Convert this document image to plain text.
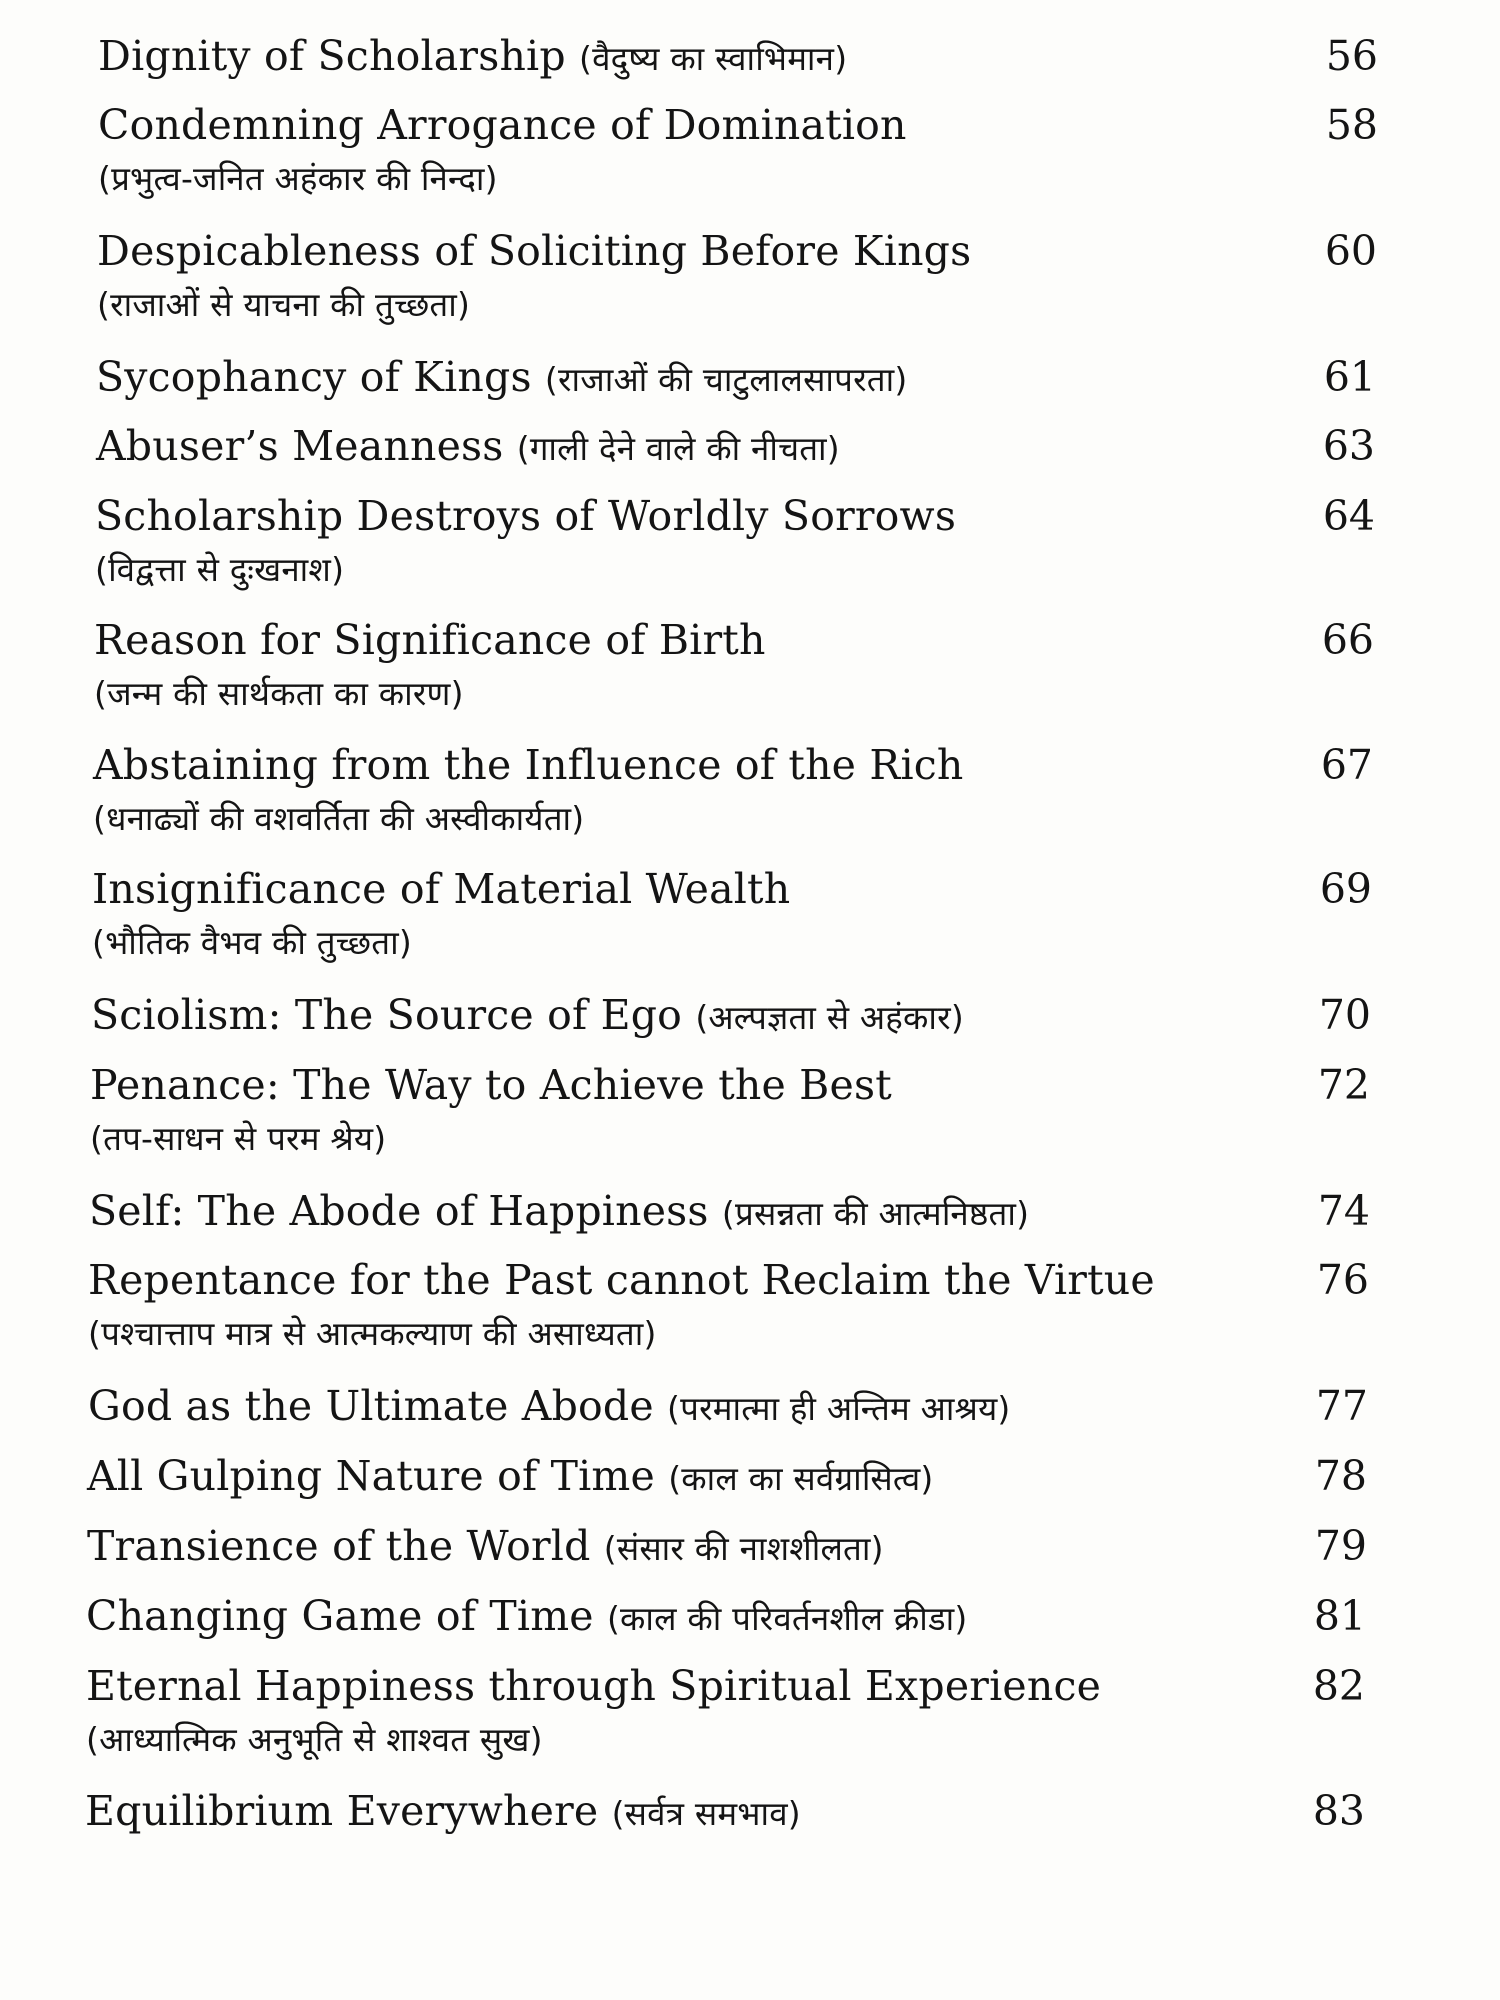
Dignity of Scholarship (वैदुष्य का स्वाभिमान)	56
Condemning Arrogance of Domination	58
(प्रभुत्व-जनित अहंकार की निन्दा)
Despicableness of Soliciting Before Kings	60
(राजाओं से याचना की तुच्छता)
Sycophancy of Kings (राजाओं की चाटुलालसापरता)	61
Abuser’s Meanness (गाली देने वाले की नीचता)	63
Scholarship Destroys of Worldly Sorrows	64
(विद्वत्ता से दुःखनाश)
Reason for Significance of Birth	66
(जन्म की सार्थकता का कारण)
Abstaining from the Influence of the Rich	67
(धनाढ्यों की वशवर्तिता की अस्वीकार्यता)
Insignificance of Material Wealth	69
(भौतिक वैभव की तुच्छता)
Sciolism: The Source of Ego (अल्पज्ञता से अहंकार)	70
Penance: The Way to Achieve the Best	72
(तप-साधन से परम श्रेय)
Self: The Abode of Happiness (प्रसन्नता की आत्मनिष्ठता)	74
Repentance for the Past cannot Reclaim the Virtue	76
(पश्चात्ताप मात्र से आत्मकल्याण की असाध्यता)
God as the Ultimate Abode (परमात्मा ही अन्तिम आश्रय)	77
All Gulping Nature of Time (काल का सर्वग्रासित्व)	78
Transience of the World (संसार की नाशशीलता)	79
Changing Game of Time (काल की परिवर्तनशील क्रीडा)	81
Eternal Happiness through Spiritual Experience	82
(आध्यात्मिक अनुभूति से शाश्वत सुख)
Equilibrium Everywhere (सर्वत्र समभाव)	83
